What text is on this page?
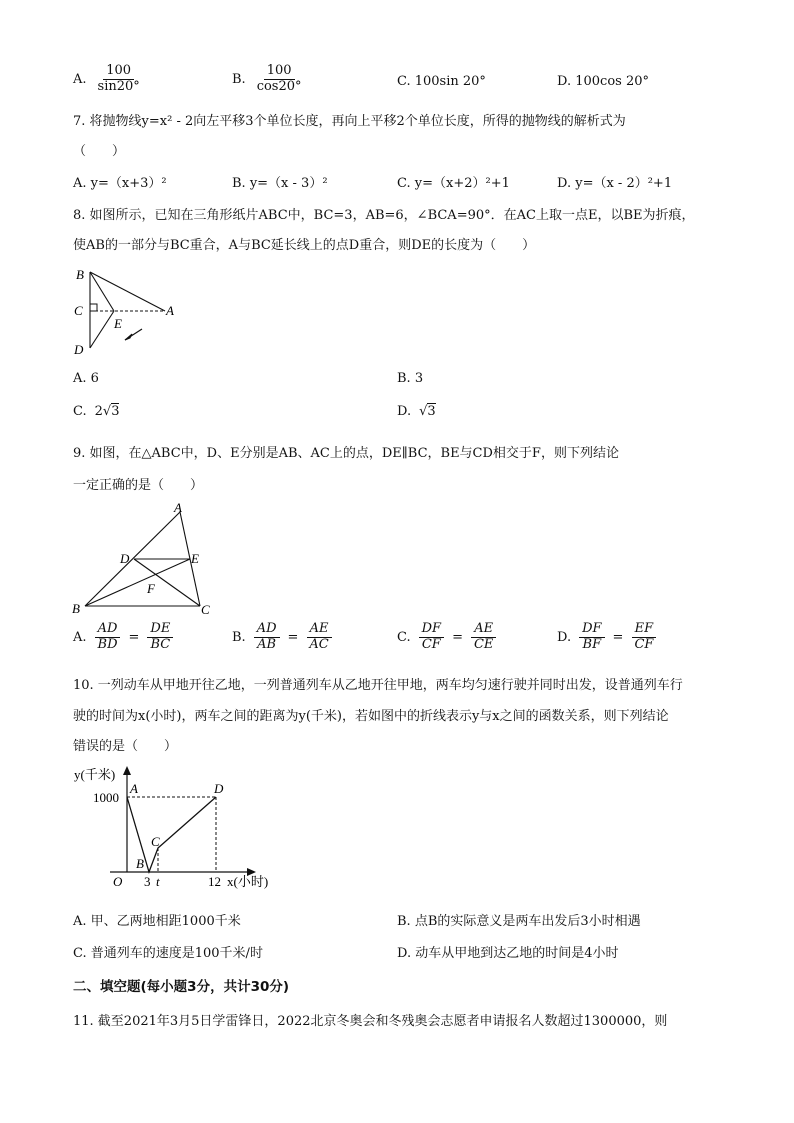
A. $\frac{100}{\sin 20^\circ}$	B. $\frac{100}{\cos 20^\circ}$	C. 100sin 20°	D. 100cos 20°
7. 将抛物线y=x² - 2向左平移3个单位长度，再向上平移2个单位长度，所得的抛物线的解析式为
（　　）
A. y=（x+3）²	B. y=（x - 3）²	C. y=（x+2）²+1	D. y=（x - 2）²+1
8. 如图所示，已知在三角形纸片ABC中，BC=3，AB=6，∠BCA=90°．在AC上取一点E，以BE为折痕，
使AB的一部分与BC重合，A与BC延长线上的点D重合，则DE的长度为（　　）
B
C	A
E
D
A. 6	B. 3
C. 2√3	D. √3
9. 如图，在△ABC中，D、E分别是AB、AC上的点，DE∥BC，BE与CD相交于F，则下列结论
一定正确的是（　　）
A
D	E
F
B	C
A. $\frac{AD}{BD} = \frac{DE}{BC}$	B. $\frac{AD}{AB} = \frac{AE}{AC}$	C. $\frac{DF}{CF} = \frac{AE}{CE}$	D. $\frac{DF}{BF} = \frac{EF}{CF}$
10. 一列动车从甲地开往乙地，一列普通列车从乙地开往甲地，两车均匀速行驶并同时出发，设普通列车行
驶的时间为x(小时)，两车之间的距离为y(千米)，若如图中的折线表示y与x之间的函数关系，则下列结论
错误的是（　　）
y(千米)
1000
A
B
C
D
O 3 t	12 x(小时)
A. 甲、乙两地相距1000千米	B. 点B的实际意义是两车出发后3小时相遇
C. 普通列车的速度是100千米/时	D. 动车从甲地到达乙地的时间是4小时
二、填空题(每小题3分，共计30分)
11. 截至2021年3月5日学雷锋日，2022北京冬奥会和冬残奥会志愿者申请报名人数超过1300000，则
